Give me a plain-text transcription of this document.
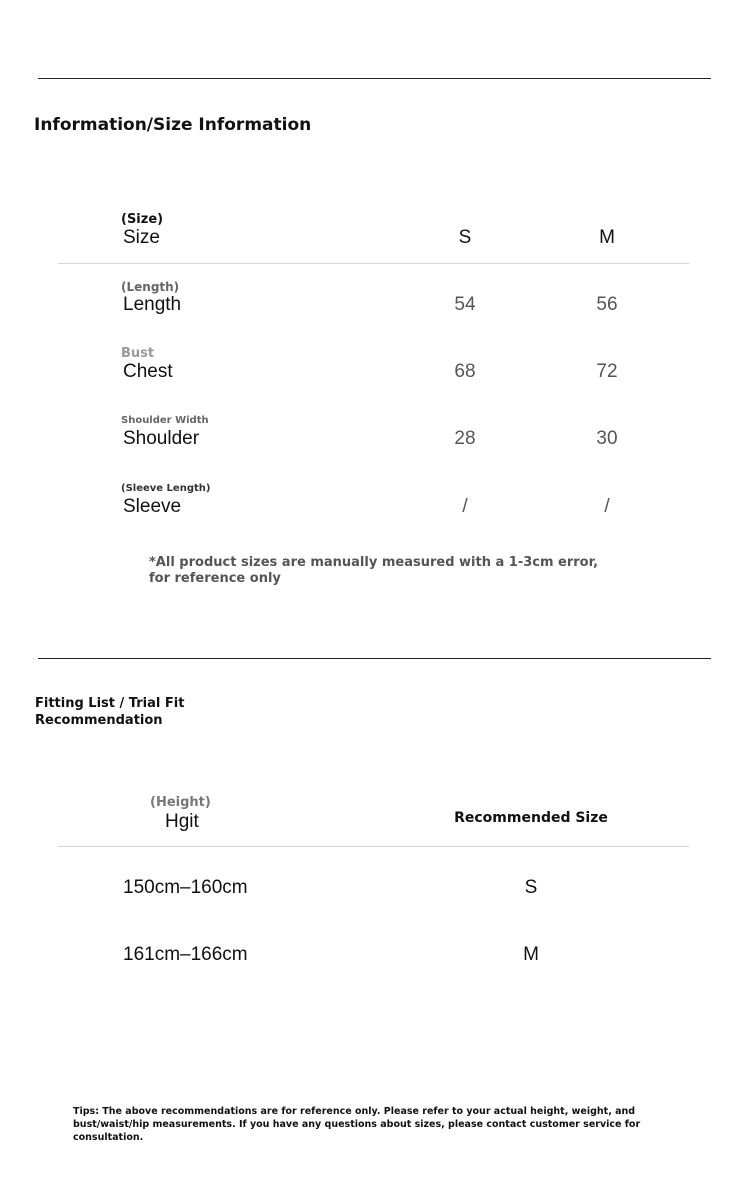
Information/Size Information
(Size)
Size	S	M
(Length)
Length	54	56
Bust
Chest	68	72
Shoulder Width
Shoulder	28	30
(Sleeve Length)
Sleeve	/	/
*All product sizes are manually measured with a 1-3cm error, for reference only
Fitting List / Trial Fit Recommendation
(Height)
Hgit	Recommended Size
150cm–160cm	S
161cm–166cm	M
Tips: The above recommendations are for reference only. Please refer to your actual height, weight, and bust/waist/hip measurements. If you have any questions about sizes, please contact customer service for consultation.
